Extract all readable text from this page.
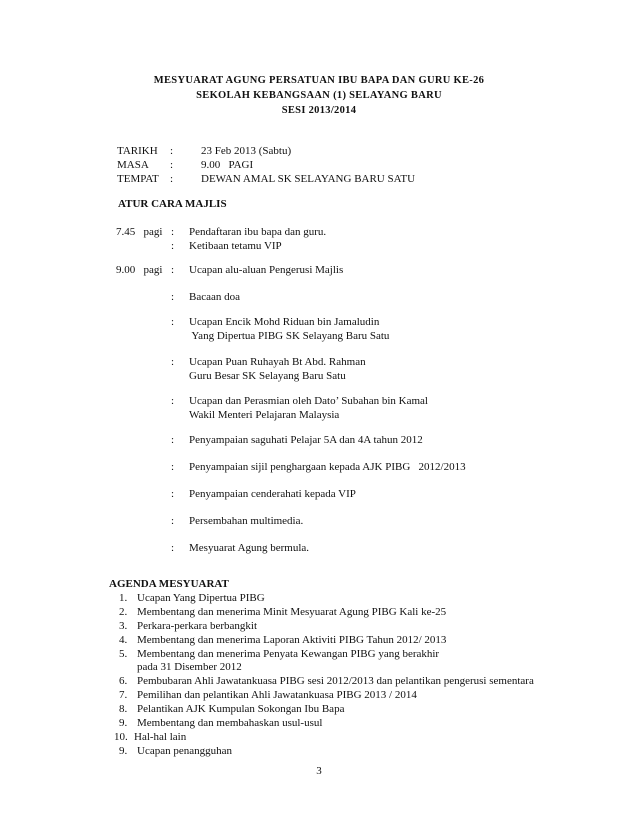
MESYUARAT AGUNG PERSATUAN IBU BAPA DAN GURU KE-26
SEKOLAH KEBANGSAAN (1) SELAYANG BARU
SESI 2013/2014
TARIKH :	23 Feb 2013 (Sabtu)
MASA :	9.00   PAGI
TEMPAT :	DEWAN AMAL SK SELAYANG BARU SATU
ATUR CARA MAJLIS
7.45   pagi : Pendaftaran ibu bapa dan guru.
: Ketibaan tetamu VIP
9.00   pagi : Ucapan alu-aluan Pengerusi Majlis
: Bacaan doa
: Ucapan Encik Mohd Riduan bin Jamaludin
Yang Dipertua PIBG SK Selayang Baru Satu
: Ucapan Puan Ruhayah Bt Abd. Rahman
Guru Besar SK Selayang Baru Satu
: Ucapan dan Perasmian oleh Dato’ Subahan bin Kamal
Wakil Menteri Pelajaran Malaysia
: Penyampaian saguhati Pelajar 5A dan 4A tahun 2012
: Penyampaian sijil penghargaan kepada AJK PIBG   2012/2013
: Penyampaian cenderahati kepada VIP
: Persembahan multimedia.
: Mesyuarat Agung bermula.
AGENDA MESYUARAT
1. Ucapan Yang Dipertua PIBG
2. Membentang dan menerima Minit Mesyuarat Agung PIBG Kali ke-25
3. Perkara-perkara berbangkit
4. Membentang dan menerima Laporan Aktiviti PIBG Tahun 2012/ 2013
5. Membentang dan menerima Penyata Kewangan PIBG yang berakhir
pada 31 Disember 2012
6. Pembubaran Ahli Jawatankuasa PIBG sesi 2012/2013 dan pelantikan pengerusi sementara
7. Pemilihan dan pelantikan Ahli Jawatankuasa PIBG 2013 / 2014
8. Pelantikan AJK Kumpulan Sokongan Ibu Bapa
9. Membentang dan membahaskan usul-usul
10. Hal-hal lain
9. Ucapan penangguhan
3
